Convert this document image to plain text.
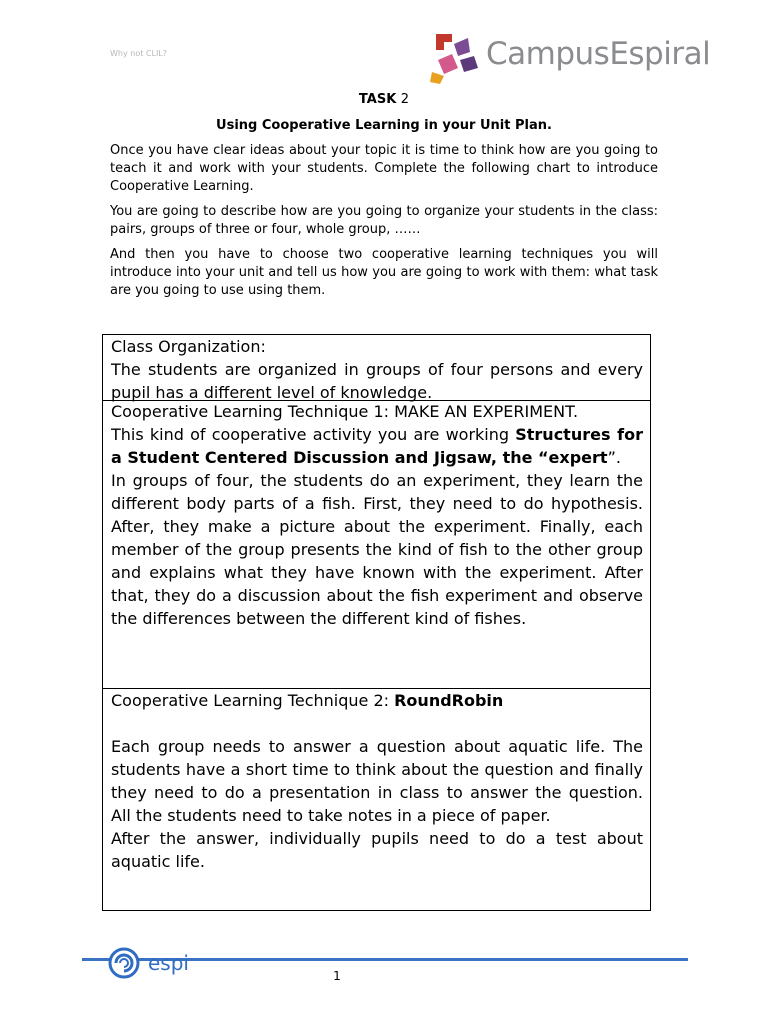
Why not CLIL?	CampusEspiral
TASK 2
Using Cooperative Learning in your Unit Plan.
Once you have clear ideas about your topic it is time to think how are you going to teach it and work with your students. Complete the following chart to introduce Cooperative Learning.
You are going to describe how are you going to organize your students in the class: pairs, groups of three or four, whole group, ……
And then you have to choose two cooperative learning techniques you will introduce into your unit and tell us how you are going to work with them: what task are you going to use using them.

Class Organization:

The students are organized in groups of four persons and every pupil has a different level of knowledge.

Cooperative Learning Technique 1: MAKE AN EXPERIMENT.

This kind of cooperative activity you are working Structures for a Student Centered Discussion and Jigsaw, the “expert”.

In groups of four, the students do an experiment, they learn the different body parts of a fish. First, they need to do hypothesis. After, they make a picture about the experiment. Finally, each member of the group presents the kind of fish to the other group and explains what they have known with the experiment. After that, they do a discussion about the fish experiment and observe the differences between the different kind of fishes.

Cooperative Learning Technique 2: RoundRobin

Each group needs to answer a question about aquatic life. The students have a short time to think about the question and finally they need to do a presentation in class to answer the question. All the students need to take notes in a piece of paper.

After the answer, individually pupils need to do a test about aquatic life.

espi
1
